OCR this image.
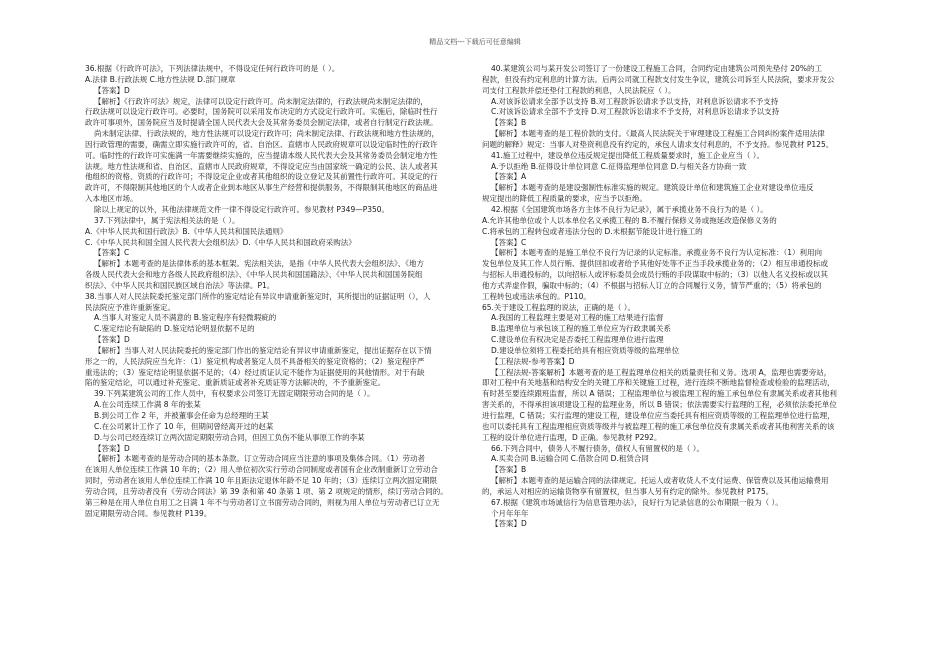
精品文档---下载后可任意编辑
36.根据《行政许可法》，下列法律法规中，不得设定任何行政许可的是（ ）。
A.法律 B.行政法规 C.地方性法规 D.部门规章
【答案】D
【解析】《行政许可法》规定，法律可以设定行政许可。尚未制定法律的，行政法规尚未制定法律的，
行政法规可以设定行政许可。必要时，国务院可以采用发布决定的方式设定行政许可。实施后，除临时性行
政许可事项外，国务院应当及时提请全国人民代表大会及其常务委员会制定法律，或者自行制定行政法规。
尚未制定法律、行政法规的，地方性法规可以设定行政许可；尚未制定法律、行政法规和地方性法规的，
因行政管理的需要，确需立即实施行政许可的，省、自治区、直辖市人民政府规章可以设定临时性的行政许
可。临时性的行政许可实施满一年需要继续实施的，应当提请本级人民代表大会及其常务委员会制定地方性
法规。地方性法规和省、自治区、直辖市人民政府规章，不得设定应当由国家统一确定的公民、法人或者其
他组织的资格、资质的行政许可；不得设定企业或者其他组织的设立登记及其前置性行政许可。其设定的行
政许可，不得限制其他地区的个人或者企业到本地区从事生产经营和提供服务，不得限制其他地区的商品进
入本地区市场。
除以上规定的以外，其他法律规范文件一律不得设定行政许可。参见教材 P349—P350。
37.下列法律中，属于宪法相关法的是（ ）。
A.《中华人民共和国行政法》B.《中华人民共和国民法通则》
C.《中华人民共和国全国人民代表大会组织法》D.《中华人民共和国政府采购法》
【答案】C
【解析】本题考查的是法律体系的基本框架。宪法相关法，是指《中华人民代表大会组织法》、《地方
各级人民代表大会和地方各级人民政府组织法》、《中华人民共和国国籍法》、《中华人民共和国国务院组
织法》、《中华人民共和国民族区域自治法》等法律。P1。
38.当事人对人民法院委托鉴定部门所作的鉴定结论有异议申请重新鉴定时，其所提出的证据证明（），人
民法院应予准许重新鉴定。
A.当事人对鉴定人员不满意的 B.鉴定程序有轻微瑕疵的
C.鉴定结论有缺陷的 D.鉴定结论明显依据不足的
【答案】D
【解析】当事人对人民法院委托的鉴定部门作出的鉴定结论有异议申请重新鉴定，提出证据存在以下情
形之一的，人民法院应当允许：（1）鉴定机构或者鉴定人员不具备相关的鉴定资格的；（2）鉴定程序严
重违法的；（3）鉴定结论明显依据不足的；（4）经过质证认定不能作为证据使用的其他情形。对于有缺
陷的鉴定结论，可以通过补充鉴定、重新质证或者补充质证等方法解决的，不予重新鉴定。
39.下列某建筑公司的工作人员中，有权要求公司签订无固定期限劳动合同的是（ ）。
A.在公司连续工作满 8 年的张某
B.到公司工作 2 年，并被董事会任命为总经理的王某
C.在公司累计工作了 10 年，但期间曾经离开过的赵某
D.与公司已经连续订立两次固定期限劳动合同，但因工负伤不能从事原工作的李某
【答案】D
【解析】本题考查的是劳动合同的基本条款。订立劳动合同应当注意的事项及集体合同。（1）劳动者
在该用人单位连续工作满 10 年的；（2）用人单位初次实行劳动合同制度或者国有企业改制重新订立劳动合
同时，劳动者在该用人单位连续工作满 10 年且距法定退休年龄不足 10 年的；（3）连续订立两次固定期限
劳动合同，且劳动者没有《劳动合同法》第 39 条和第 40 条第 1 项、第 2 项规定的情形，续订劳动合同的。
第三种是在用人单位自用工之日满 1 年不与劳动者订立书面劳动合同的，则视为用人单位与劳动者已订立无
固定期限劳动合同。参见教材 P139。
40.某建筑公司与某开发公司签订了一份建设工程施工合同，合同约定由建筑公司预先垫付 20%的工
程款，但没有约定利息的计算方法。后两公司就工程款支付发生争议，建筑公司诉至人民法院，要求开发公
司支付工程款并偿还垫付工程款的利息，人民法院应（ ）。
A.对该诉讼请求全部予以支持 B.对工程款诉讼请求予以支持，对利息诉讼请求不予支持
C.对该诉讼请求全部不予支持 D.对工程款诉讼请求不予支持，对利息诉讼请求予以支持
【答案】B
【解析】本题考查的是工程价款的支付。《最高人民法院关于审理建设工程施工合同纠纷案件适用法律
问题的解释》规定：当事人对垫资利息没有约定的，承包人请求支付利息的，不予支持。参见教材 P125。
41.施工过程中，建设单位违反规定提出降低工程质量要求时，施工企业应当（ ）。
A.予以拒绝 B.征得设计单位同意 C.征得监理单位同意 D.与相关各方协商一致
【答案】A
【解析】本题考查的是建设强制性标准实施的规定。建筑设计单位和建筑施工企业对建设单位违反
规定提出的降低工程质量的要求，应当予以拒绝。
42.根据《全国建筑市场各方主体不良行为记录》，属于承揽业务不良行为的是（ ）。
A.允许其他单位或个人以本单位名义承揽工程的 B.不履行保修义务或拖延改造保修义务的
C.将承包的工程转包或者违法分包的 D.未根据节能设计进行施工的
【答案】C
【解析】本题考查的是施工单位不良行为记录的认定标准。承揽业务不良行为认定标准：（1）利用向
发包单位及其工作人员行贿、提供回扣或者给予其他好处等不正当手段承揽业务的；（2）相互串通投标或
与招标人串通投标的，以向招标人或评标委员会成员行贿的手段谋取中标的；（3）以他人名义投标或以其
他方式弄虚作假，骗取中标的；（4）不根据与招标人订立的合同履行义务，情节严重的；（5）将承包的
工程转包或违法承包的。P110。
65.关于建设工程监理的说法，正确的是（ ）。
A.我国的工程监理主要是对工程的施工结果进行监督
B.监理单位与承包该工程的施工单位应为行政隶属关系
C.建设单位有权决定是否委托工程监理单位进行监理
D.建设单位须将工程委托给具有相应资质等级的监理单位
【工程法规-参考答案】D
【工程法规-答案解析】本题考查的是工程监理单位相关的质量责任和义务。选项 A，监理也需要旁站，
即对工程中有关地基和结构安全的关键工序和关键施工过程，进行连续不断地监督检查或检验的监理活动，
有时甚至要连续跟班监督，所以 A 错误；工程监理单位与被监理工程的施工承包单位有隶属关系或者其他利
害关系的，不得承担该项建设工程的监理业务，所以 B 错误；依法需要实行监理的工程，必须依法委托单位
进行监理，C 错误；实行监理的建设工程，建设单位应当委托具有相应资质等级的工程监理单位进行监理，
也可以委托具有工程监理相应资质等级并与被监理工程的施工承包单位没有隶属关系或者其他利害关系的该
工程的设计单位进行监理，D 正确。参见教材 P292。
66.下列合同中，债务人不履行债务，债权人有留置权的是（ ）。
A.买卖合同 B.运输合同 C.借款合同 D.租赁合同
【答案】B
【解析】本题考查的是运输合同的法律规定。托运人或者收货人不支付运费、保管费以及其他运输费用
的，承运人对相应的运输货物享有留置权，但当事人另有约定的除外。参见教材 P175。
67.根据《建筑市场诚信行为信息管理办法》，良好行为记录信息的公布期限一般为（ ）。
个月年年年
【答案】D
